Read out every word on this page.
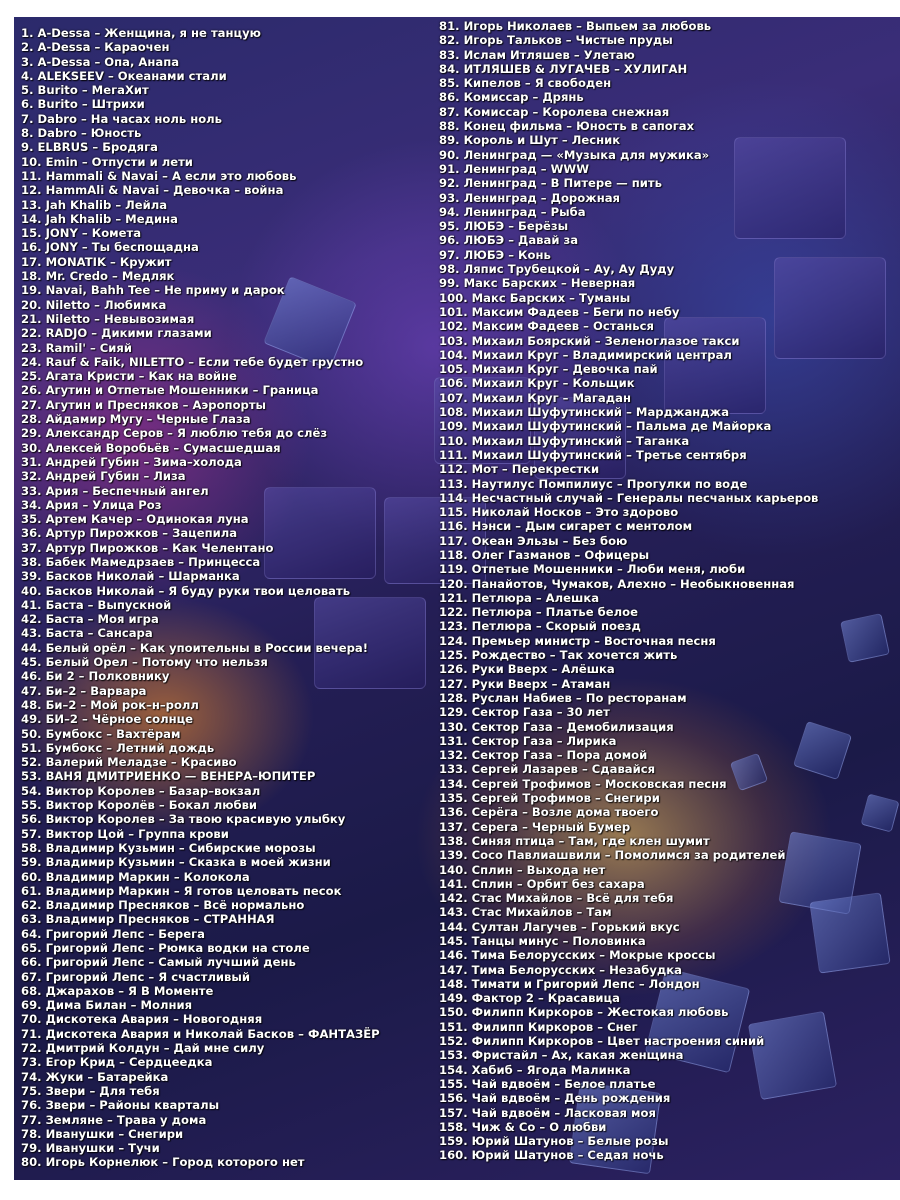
1. A-Dessa – Женщина, я не танцую
2. A-Dessa – Караочен
3. A-Dessa – Опа, Анапа
4. ALEKSEEV – Океанами стали
5. Burito – МегаХит
6. Burito – Штрихи
7. Dabro – На часах ноль ноль
8. Dabro – Юность
9. ELBRUS – Бродяга
10. Emin – Отпусти и лети
11. Hammali & Navai – А если это любовь
12. HammAli & Navai – Девочка – война
13. Jah Khalib – Лейла
14. Jah Khalib – Медина
15. JONY – Комета
16. JONY – Ты беспощадна
17. MONATIK – Кружит
18. Mr. Credo – Медляк
19. Navai, Bahh Tee – Не приму и дарок
20. Niletto – Любимка
21. Niletto – Невывозимая
22. RADJO – Дикими глазами
23. Ramil' – Сияй
24. Rauf & Faik, NILETTO – Если тебе будет грустно
25. Агата Кристи – Как на войне
26. Агутин и Отпетые Мошенники – Граница
27. Агутин и Пресняков – Аэропорты
28. Айдамир Мугу – Черные Глаза
29. Александр Серов – Я люблю тебя до слёз
30. Алексей Воробьёв – Сумасшедшая
31. Андрей Губин – Зима–холода
32. Андрей Губин – Лиза
33. Ария – Беспечный ангел
34. Ария – Улица Роз
35. Артем Качер – Одинокая луна
36. Артур Пирожков – Зацепила
37. Артур Пирожков – Как Челентано
38. Бабек Мамедрзаев – Принцесса
39. Басков Николай – Шарманка
40. Басков Николай – Я буду руки твои целовать
41. Баста – Выпускной
42. Баста – Моя игра
43. Баста – Сансара
44. Белый орёл – Как упоительны в России вечера!
45. Белый Орел – Потому что нельзя
46. Би 2 – Полковнику
47. Би–2 – Варвара
48. Би–2 – Мой рок–н–ролл
49. БИ–2 – Чёрное солнце
50. Бумбокс – Вахтёрам
51. Бумбокс – Летний дождь
52. Валерий Меладзе – Красиво
53. ВАНЯ ДМИТРИЕНКО — ВЕНЕРА–ЮПИТЕР
54. Виктор Королев – Базар–вокзал
55. Виктор Королёв – Бокал любви
56. Виктор Королев – За твою красивую улыбку
57. Виктор Цой – Группа крови
58. Владимир Кузьмин – Сибирские морозы
59. Владимир Кузьмин – Сказка в моей жизни
60. Владимир Маркин – Колокола
61. Владимир Маркин – Я готов целовать песок
62. Владимир Пресняков – Всё нормально
63. Владимир Пресняков – СТРАННАЯ
64. Григорий Лепс – Берега
65. Григорий Лепс – Рюмка водки на столе
66. Григорий Лепс – Самый лучший день
67. Григорий Лепс – Я счастливый
68. Джарахов – Я В Моменте
69. Дима Билан – Молния
70. Дискотека Авария – Новогодняя
71. Дискотека Авария и Николай Басков – ФАНТАЗЁР
72. Дмитрий Колдун – Дай мне силу
73. Егор Крид – Сердцеедка
74. Жуки – Батарейка
75. Звери – Для тебя
76. Звери – Районы кварталы
77. Земляне – Трава у дома
78. Иванушки – Снегири
79. Иванушки – Тучи
80. Игорь Корнелюк – Город которого нет
81. Игорь Николаев – Выпьем за любовь
82. Игорь Тальков – Чистые пруды
83. Ислам Итляшев – Улетаю
84. ИТЛЯШЕВ & ЛУГАЧЕВ – ХУЛИГАН
85. Кипелов – Я свободен
86. Комиссар – Дрянь
87. Комиссар – Королева снежная
88. Конец фильма – Юность в сапогах
89. Король и Шут – Лесник
90. Ленинград — «Музыка для мужика»
91. Ленинград – WWW
92. Ленинград – В Питере — пить
93. Ленинград – Дорожная
94. Ленинград – Рыба
95. ЛЮБЭ – Берёзы
96. ЛЮБЭ – Давай за
97. ЛЮБЭ – Конь
98. Ляпис Трубецкой – Ау, Ау Дуду
99. Макс Барских – Неверная
100. Макс Барских – Туманы
101. Максим Фадеев – Беги по небу
102. Максим Фадеев – Останься
103. Михаил Боярский – Зеленоглазое такси
104. Михаил Круг – Владимирский централ
105. Михаил Круг – Девочка пай
106. Михаил Круг – Кольщик
107. Михаил Круг – Магадан
108. Михаил Шуфутинский – Марджанджа
109. Михаил Шуфутинский – Пальма де Майорка
110. Михаил Шуфутинский – Таганка
111. Михаил Шуфутинский – Третье сентября
112. Мот – Перекрестки
113. Наутилус Помпилиус – Прогулки по воде
114. Несчастный случай – Генералы песчаных карьеров
115. Николай Носков – Это здорово
116. Нэнси – Дым сигарет с ментолом
117. Океан Эльзы – Без бою
118. Олег Газманов – Офицеры
119. Отпетые Мошенники – Люби меня, люби
120. Панайотов, Чумаков, Алехно – Необыкновенная
121. Петлюра – Алешка
122. Петлюра – Платье белое
123. Петлюра – Скорый поезд
124. Премьер министр – Восточная песня
125. Рождество – Так хочется жить
126. Руки Вверх – Алёшка
127. Руки Вверх – Атаман
128. Руслан Набиев – По ресторанам
129. Сектор Газа – 30 лет
130. Сектор Газа – Демобилизация
131. Сектор Газа – Лирика
132. Сектор Газа – Пора домой
133. Сергей Лазарев – Сдавайся
134. Сергей Трофимов – Московская песня
135. Сергей Трофимов – Снегири
136. Серёга – Возле дома твоего
137. Серега – Черный Бумер
138. Синяя птица – Там, где клен шумит
139. Сосо Павлиашвили – Помолимся за родителей
140. Сплин – Выхода нет
141. Сплин – Орбит без сахара
142. Стас Михайлов – Всё для тебя
143. Стас Михайлов – Там
144. Султан Лагучев – Горький вкус
145. Танцы минус – Половинка
146. Тима Белорусских – Мокрые кроссы
147. Тима Белорусских – Незабудка
148. Тимати и Григорий Лепс – Лондон
149. Фактор 2 – Красавица
150. Филипп Киркоров – Жестокая любовь
151. Филипп Киркоров – Снег
152. Филипп Киркоров – Цвет настроения синий
153. Фристайл – Ах, какая женщина
154. Хабиб – Ягода Малинка
155. Чай вдвоём – Белое платье
156. Чай вдвоём – День рождения
157. Чай вдвоём – Ласковая моя
158. Чиж & Co – О любви
159. Юрий Шатунов – Белые розы
160. Юрий Шатунов – Седая ночь
